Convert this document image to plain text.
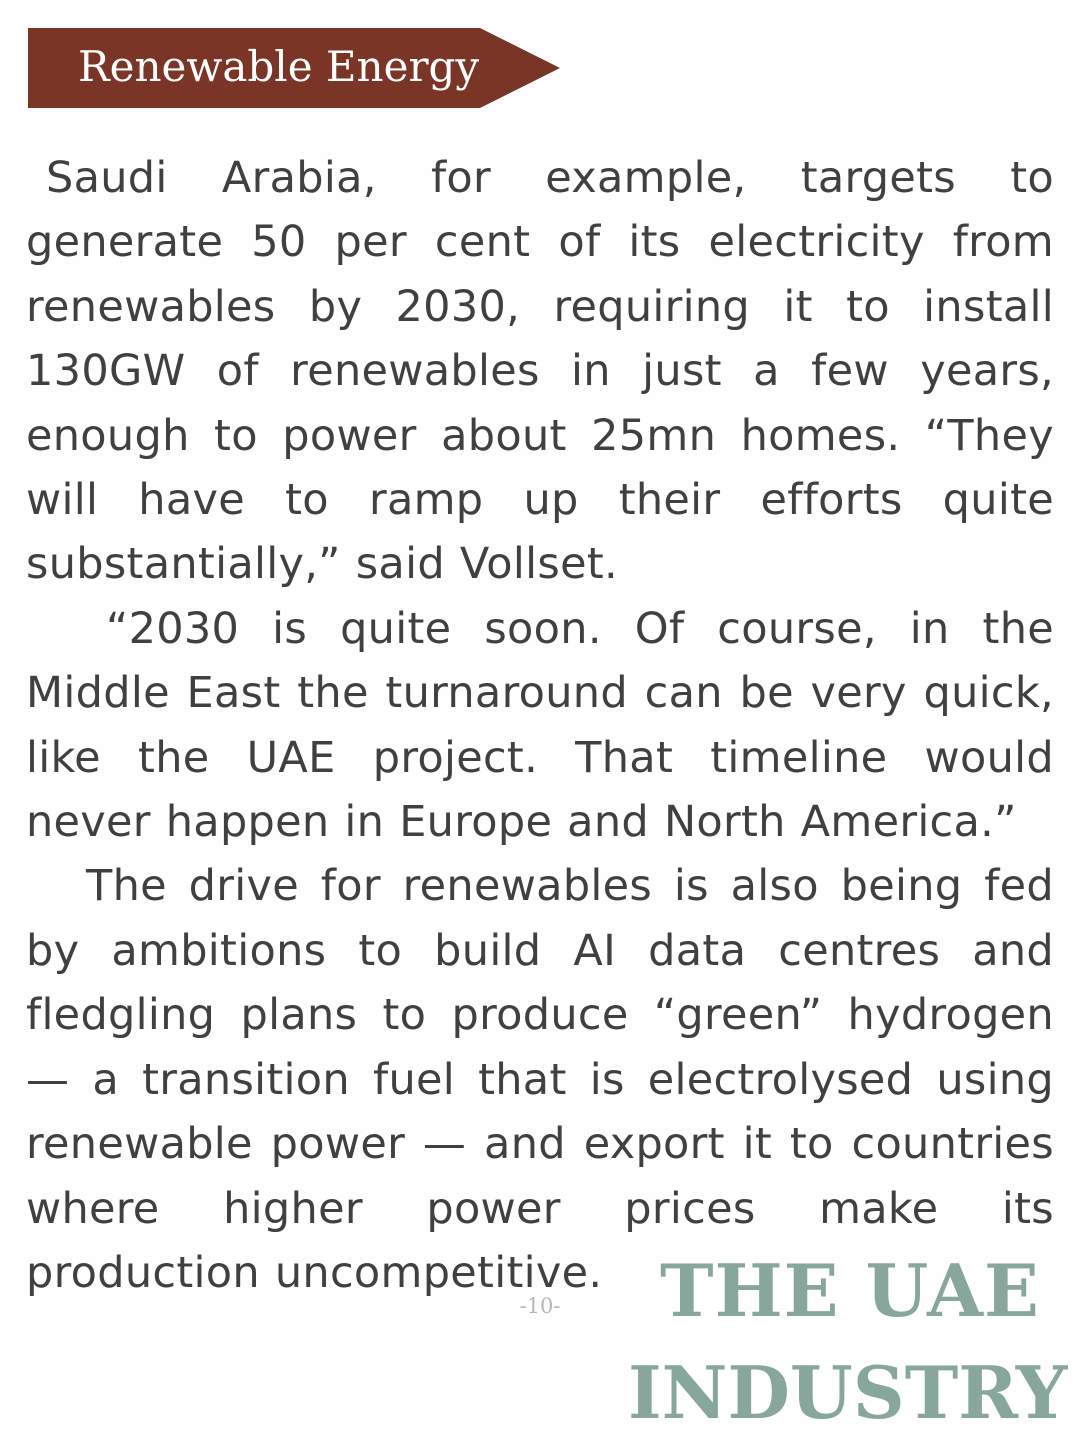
Renewable Energy

Saudi Arabia, for example, targets to generate 50 per cent of its electricity from renewables by 2030, requiring it to install 130GW of renewables in just a few years, enough to power about 25mn homes. “They will have to ramp up their efforts quite substantially,” said Vollset.

“2030 is quite soon. Of course, in the Middle East the turnaround can be very quick, like the UAE project. That timeline would never happen in Europe and North America.”

The drive for renewables is also being fed by ambitions to build AI data centres and fledgling plans to produce “green” hydrogen — a transition fuel that is electrolysed using renewable power — and export it to countries where higher power prices make its production uncompetitive.

-10-	THE UAE
INDUSTRY
